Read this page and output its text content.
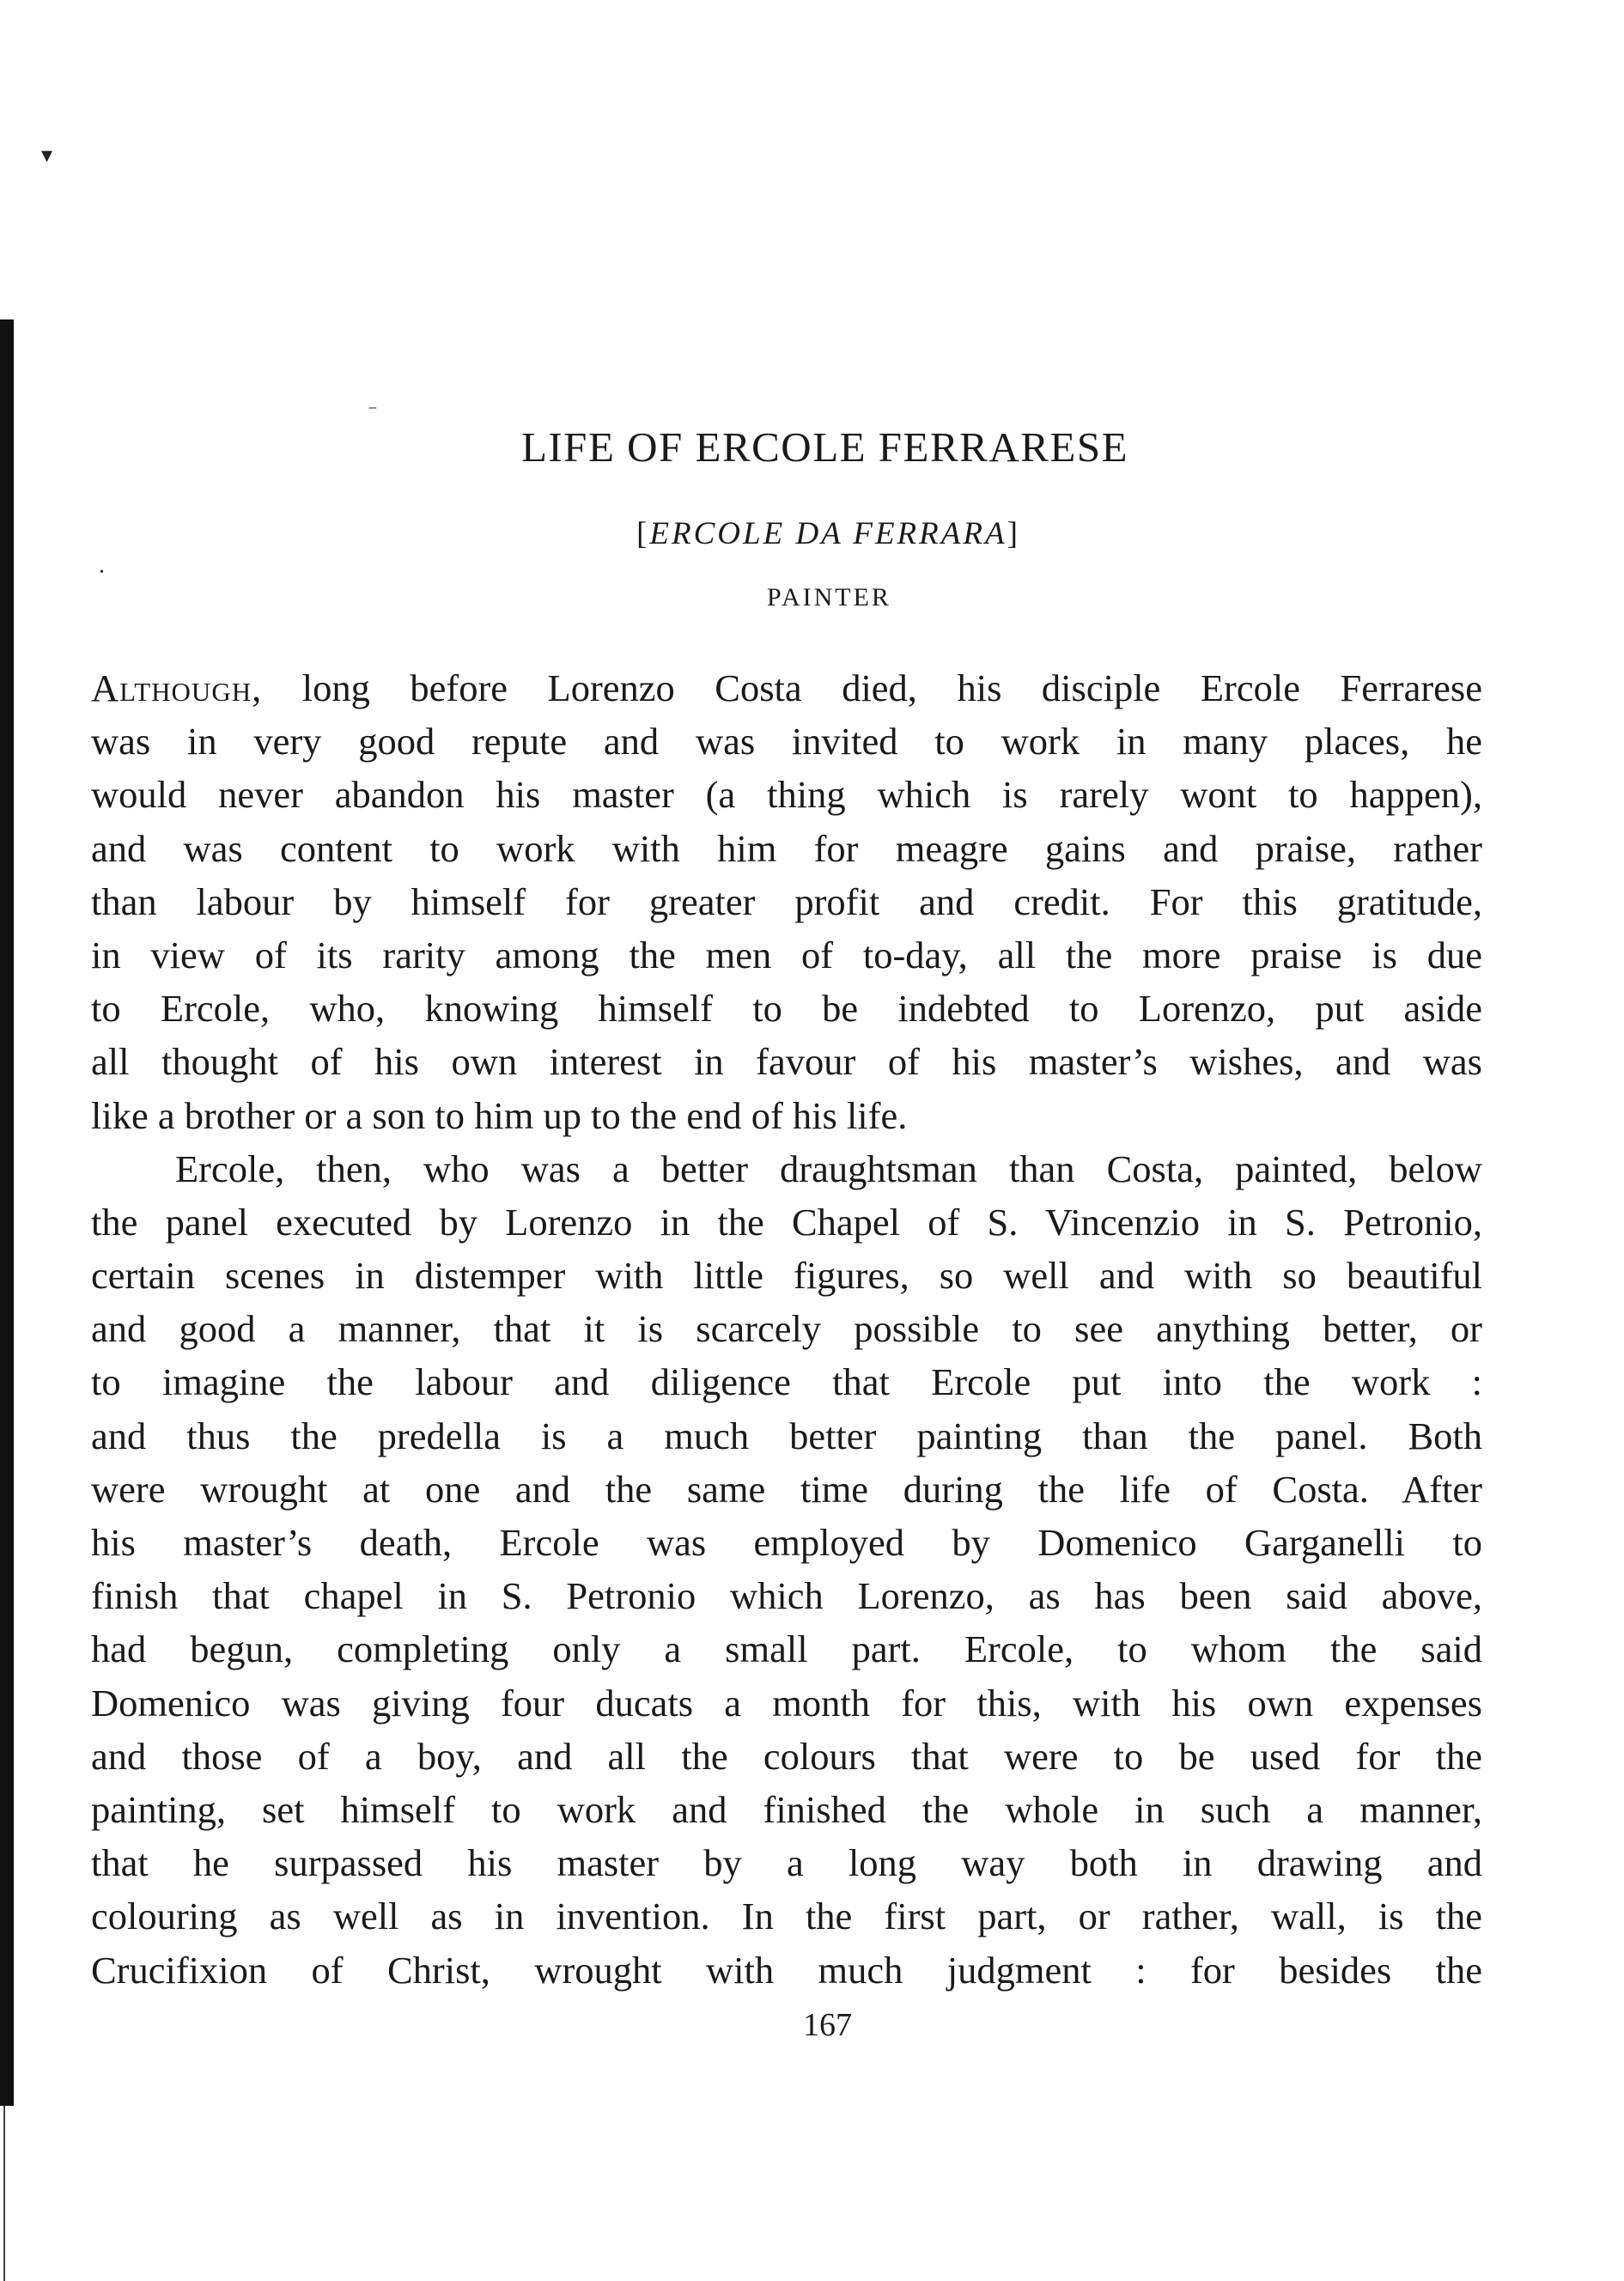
▾
⁻
•
LIFE OF ERCOLE FERRARESE
[ERCOLE DA FERRARA]
PAINTER
Although, long before Lorenzo Costa died, his disciple Ercole Ferrarese
was in very good repute and was invited to work in many places, he
would never abandon his master (a thing which is rarely wont to happen),
and was content to work with him for meagre gains and praise, rather
than labour by himself for greater profit and credit. For this gratitude,
in view of its rarity among the men of to-day, all the more praise is due
to Ercole, who, knowing himself to be indebted to Lorenzo, put aside
all thought of his own interest in favour of his master’s wishes, and was
like a brother or a son to him up to the end of his life.
Ercole, then, who was a better draughtsman than Costa, painted, below
the panel executed by Lorenzo in the Chapel of S. Vincenzio in S. Petronio,
certain scenes in distemper with little figures, so well and with so beautiful
and good a manner, that it is scarcely possible to see anything better, or
to imagine the labour and diligence that Ercole put into the work :
and thus the predella is a much better painting than the panel. Both
were wrought at one and the same time during the life of Costa. After
his master’s death, Ercole was employed by Domenico Garganelli to
finish that chapel in S. Petronio which Lorenzo, as has been said above,
had begun, completing only a small part. Ercole, to whom the said
Domenico was giving four ducats a month for this, with his own expenses
and those of a boy, and all the colours that were to be used for the
painting, set himself to work and finished the whole in such a manner,
that he surpassed his master by a long way both in drawing and
colouring as well as in invention. In the first part, or rather, wall, is the
Crucifixion of Christ, wrought with much judgment : for besides the
167
